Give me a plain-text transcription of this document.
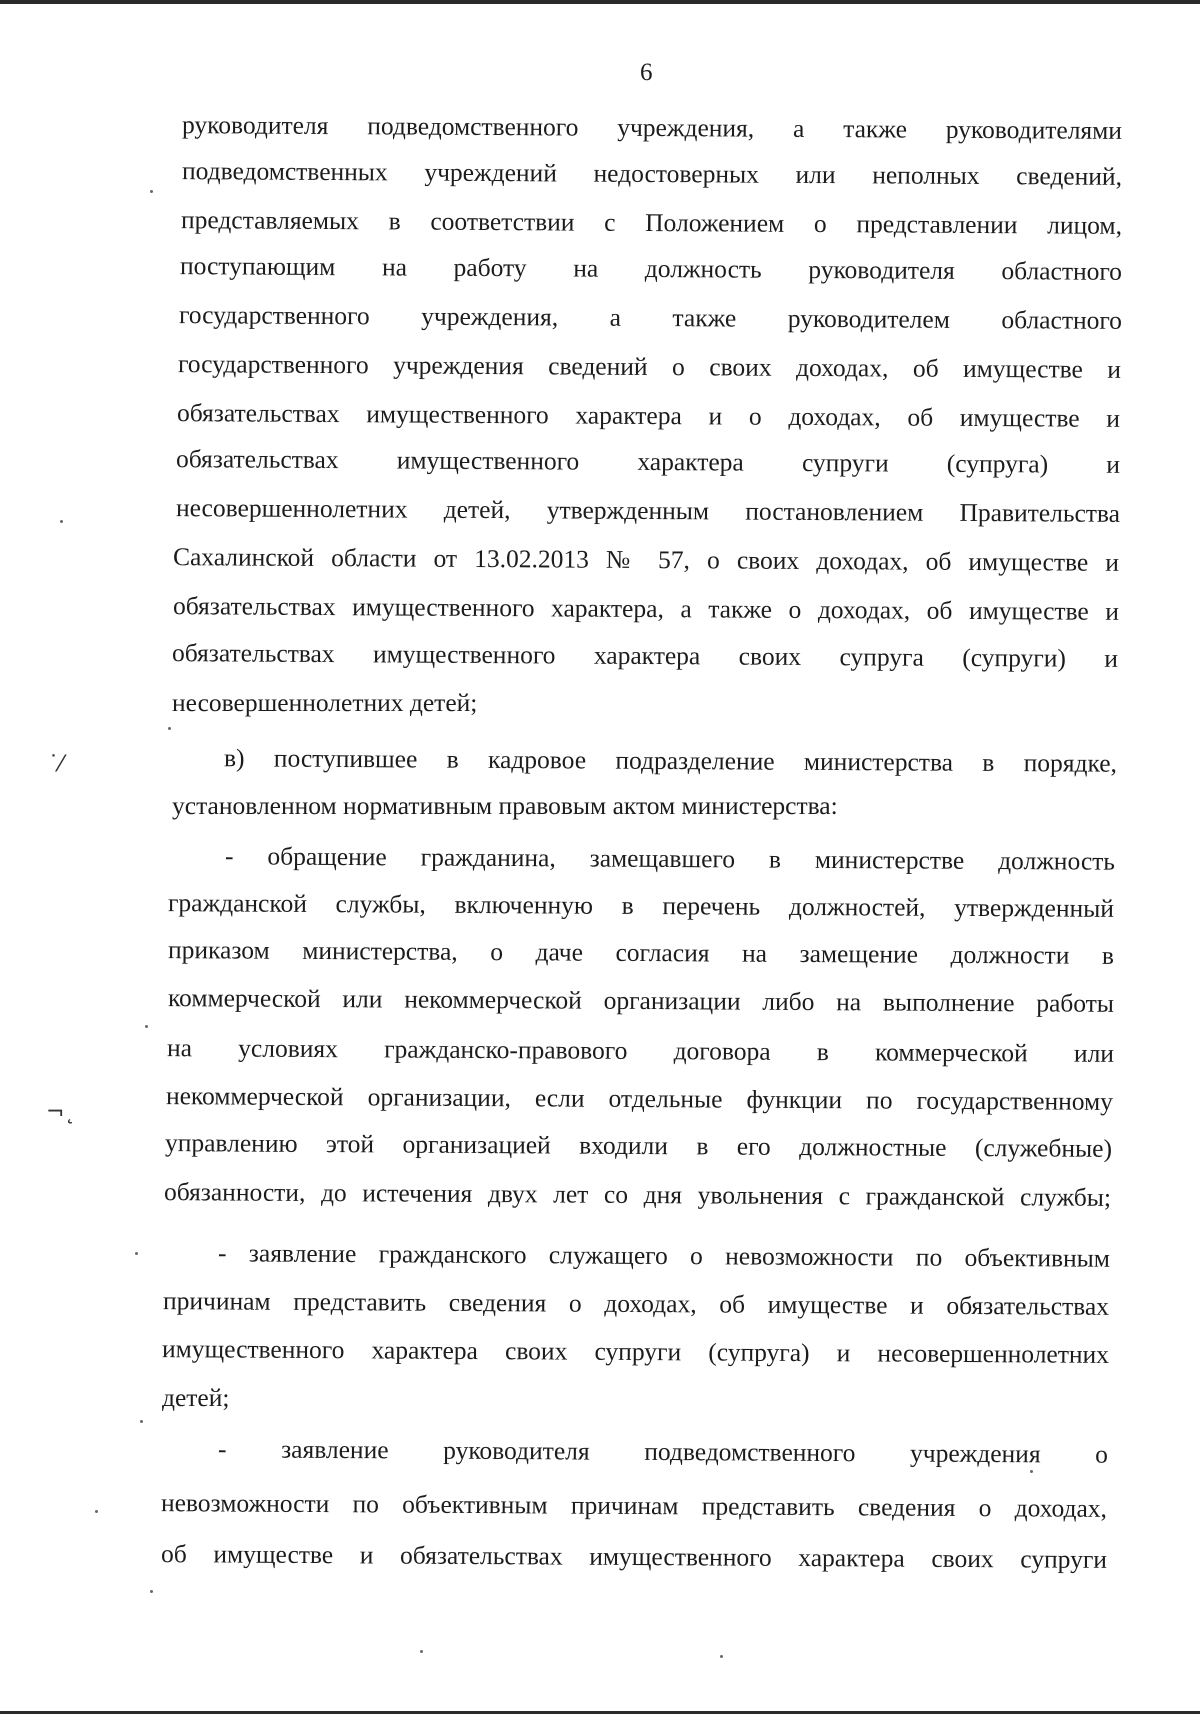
6
руководителя подведомственного учреждения, а также руководителями
подведомственных учреждений недостоверных или неполных сведений,
представляемых в соответствии с Положением о представлении лицом,
поступающим на работу на должность руководителя областного
государственного учреждения, а также руководителем областного
государственного учреждения сведений о своих доходах, об имуществе и
обязательствах имущественного характера и о доходах, об имуществе и
обязательствах имущественного характера супруги (супруга) и
несовершеннолетних детей, утвержденным постановлением Правительства
Сахалинской области от 13.02.2013 № 57, о своих доходах, об имуществе и
обязательствах имущественного характера, а также о доходах, об имуществе и
обязательствах имущественного характера своих супруга (супруги) и
несовершеннолетних детей;
в) поступившее в кадровое подразделение министерства в порядке,
установленном нормативным правовым актом министерства:
- обращение гражданина, замещавшего в министерстве должность
гражданской службы, включенную в перечень должностей, утвержденный
приказом министерства, о даче согласия на замещение должности в
коммерческой или некоммерческой организации либо на выполнение работы
на условиях гражданско-правового договора в коммерческой или
некоммерческой организации, если отдельные функции по государственному
управлению этой организацией входили в его должностные (служебные)
обязанности, до истечения двух лет со дня увольнения с гражданской службы;
- заявление гражданского служащего о невозможности по объективным
причинам представить сведения о доходах, об имуществе и обязательствах
имущественного характера своих супруги (супруга) и несовершеннолетних
детей;
- заявление руководителя подведомственного учреждения о
невозможности по объективным причинам представить сведения о доходах,
об имуществе и обязательствах имущественного характера своих супруги
˙⁄
¬˛
